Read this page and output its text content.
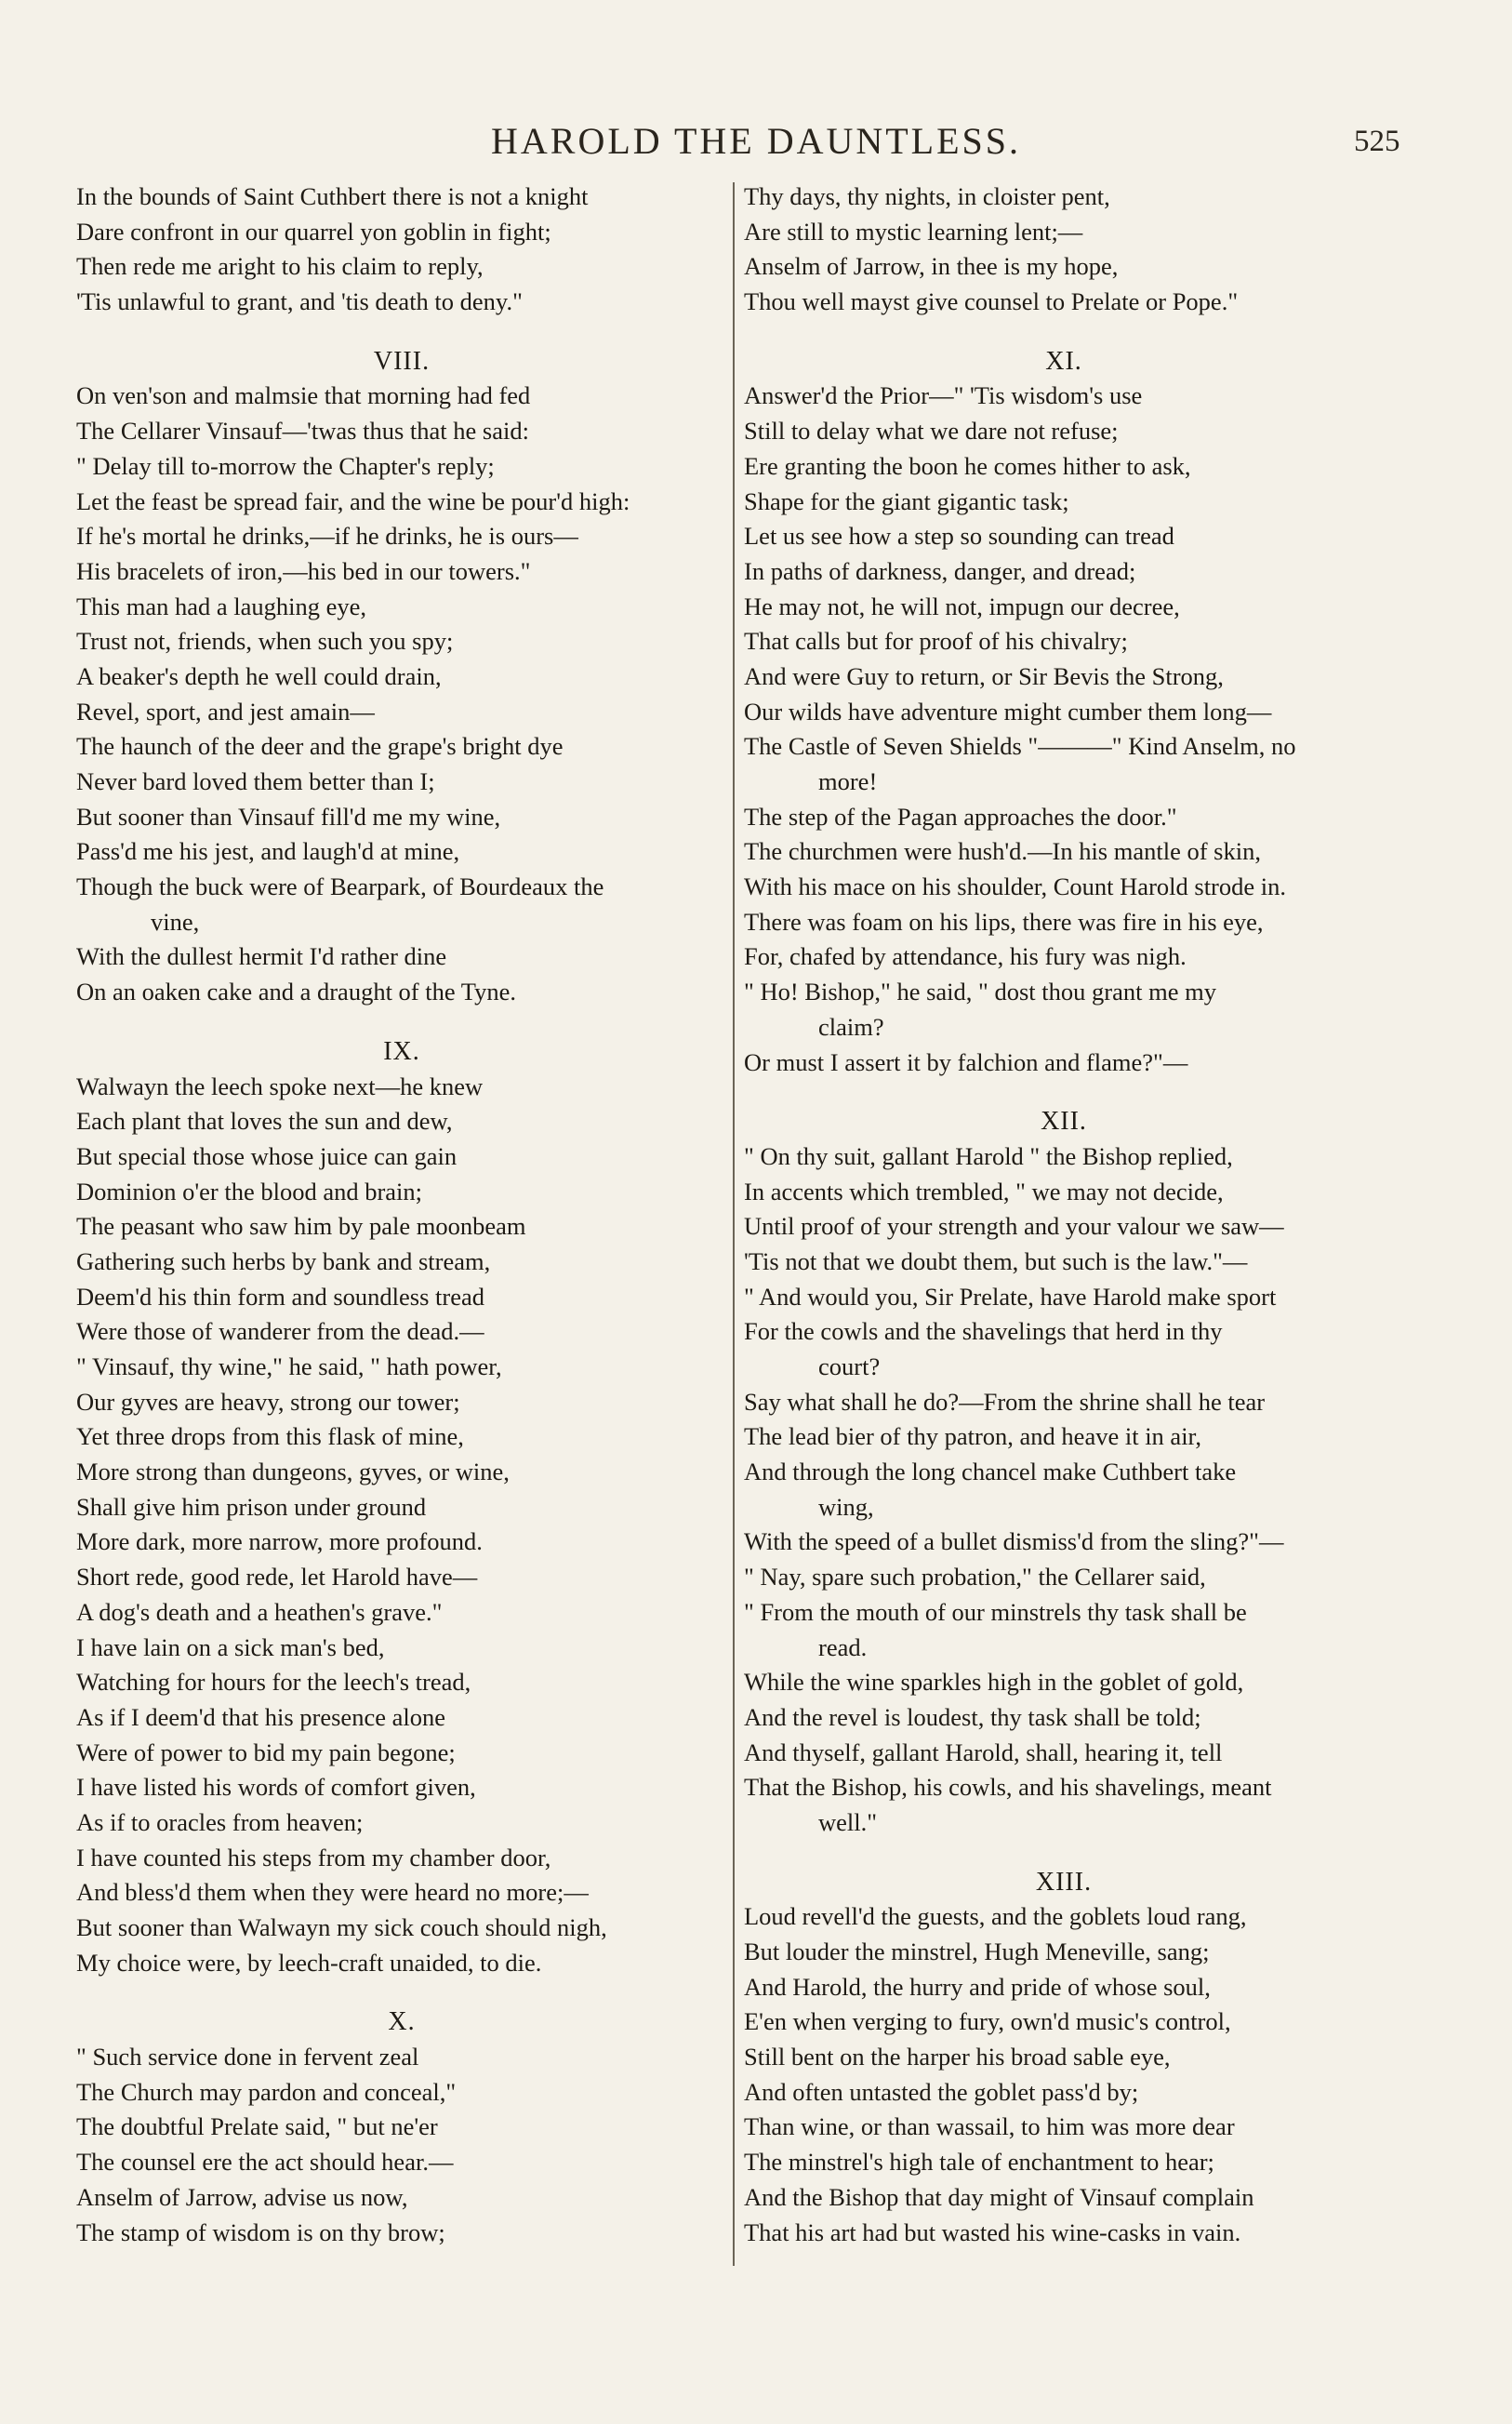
HAROLD THE DAUNTLESS.	525
In the bounds of Saint Cuthbert there is not a knight
Dare confront in our quarrel yon goblin in fight;
Then rede me aright to his claim to reply,
'Tis unlawful to grant, and 'tis death to deny."
VIII.
On ven'son and malmsie that morning had fed
The Cellarer Vinsauf—'twas thus that he said:
" Delay till to-morrow the Chapter's reply;
Let the feast be spread fair, and the wine be pour'd high:
If he's mortal he drinks,—if he drinks, he is ours—
His bracelets of iron,—his bed in our towers."
This man had a laughing eye,
Trust not, friends, when such you spy;
A beaker's depth he well could drain,
Revel, sport, and jest amain—
The haunch of the deer and the grape's bright dye
Never bard loved them better than I;
But sooner than Vinsauf fill'd me my wine,
Pass'd me his jest, and laugh'd at mine,
Though the buck were of Bearpark, of Bourdeaux the
vine,
With the dullest hermit I'd rather dine
On an oaken cake and a draught of the Tyne.
IX.
Walwayn the leech spoke next—he knew
Each plant that loves the sun and dew,
But special those whose juice can gain
Dominion o'er the blood and brain;
The peasant who saw him by pale moonbeam
Gathering such herbs by bank and stream,
Deem'd his thin form and soundless tread
Were those of wanderer from the dead.—
" Vinsauf, thy wine," he said, " hath power,
Our gyves are heavy, strong our tower;
Yet three drops from this flask of mine,
More strong than dungeons, gyves, or wine,
Shall give him prison under ground
More dark, more narrow, more profound.
Short rede, good rede, let Harold have—
A dog's death and a heathen's grave."
I have lain on a sick man's bed,
Watching for hours for the leech's tread,
As if I deem'd that his presence alone
Were of power to bid my pain begone;
I have listed his words of comfort given,
As if to oracles from heaven;
I have counted his steps from my chamber door,
And bless'd them when they were heard no more;—
But sooner than Walwayn my sick couch should nigh,
My choice were, by leech-craft unaided, to die.
X.
" Such service done in fervent zeal
The Church may pardon and conceal,"
The doubtful Prelate said, " but ne'er
The counsel ere the act should hear.—
Anselm of Jarrow, advise us now,
The stamp of wisdom is on thy brow;
Thy days, thy nights, in cloister pent,
Are still to mystic learning lent;—
Anselm of Jarrow, in thee is my hope,
Thou well mayst give counsel to Prelate or Pope."
XI.
Answer'd the Prior—" 'Tis wisdom's use
Still to delay what we dare not refuse;
Ere granting the boon he comes hither to ask,
Shape for the giant gigantic task;
Let us see how a step so sounding can tread
In paths of darkness, danger, and dread;
He may not, he will not, impugn our decree,
That calls but for proof of his chivalry;
And were Guy to return, or Sir Bevis the Strong,
Our wilds have adventure might cumber them long—
The Castle of Seven Shields "———" Kind Anselm, no
more!
The step of the Pagan approaches the door."
The churchmen were hush'd.—In his mantle of skin,
With his mace on his shoulder, Count Harold strode in.
There was foam on his lips, there was fire in his eye,
For, chafed by attendance, his fury was nigh.
" Ho! Bishop," he said, " dost thou grant me my
claim?
Or must I assert it by falchion and flame?"—
XII.
" On thy suit, gallant Harold " the Bishop replied,
In accents which trembled, " we may not decide,
Until proof of your strength and your valour we saw—
'Tis not that we doubt them, but such is the law."—
" And would you, Sir Prelate, have Harold make sport
For the cowls and the shavelings that herd in thy
court?
Say what shall he do?—From the shrine shall he tear
The lead bier of thy patron, and heave it in air,
And through the long chancel make Cuthbert take
wing,
With the speed of a bullet dismiss'd from the sling?"—
" Nay, spare such probation," the Cellarer said,
" From the mouth of our minstrels thy task shall be
read.
While the wine sparkles high in the goblet of gold,
And the revel is loudest, thy task shall be told;
And thyself, gallant Harold, shall, hearing it, tell
That the Bishop, his cowls, and his shavelings, meant
well."
XIII.
Loud revell'd the guests, and the goblets loud rang,
But louder the minstrel, Hugh Meneville, sang;
And Harold, the hurry and pride of whose soul,
E'en when verging to fury, own'd music's control,
Still bent on the harper his broad sable eye,
And often untasted the goblet pass'd by;
Than wine, or than wassail, to him was more dear
The minstrel's high tale of enchantment to hear;
And the Bishop that day might of Vinsauf complain
That his art had but wasted his wine-casks in vain.
